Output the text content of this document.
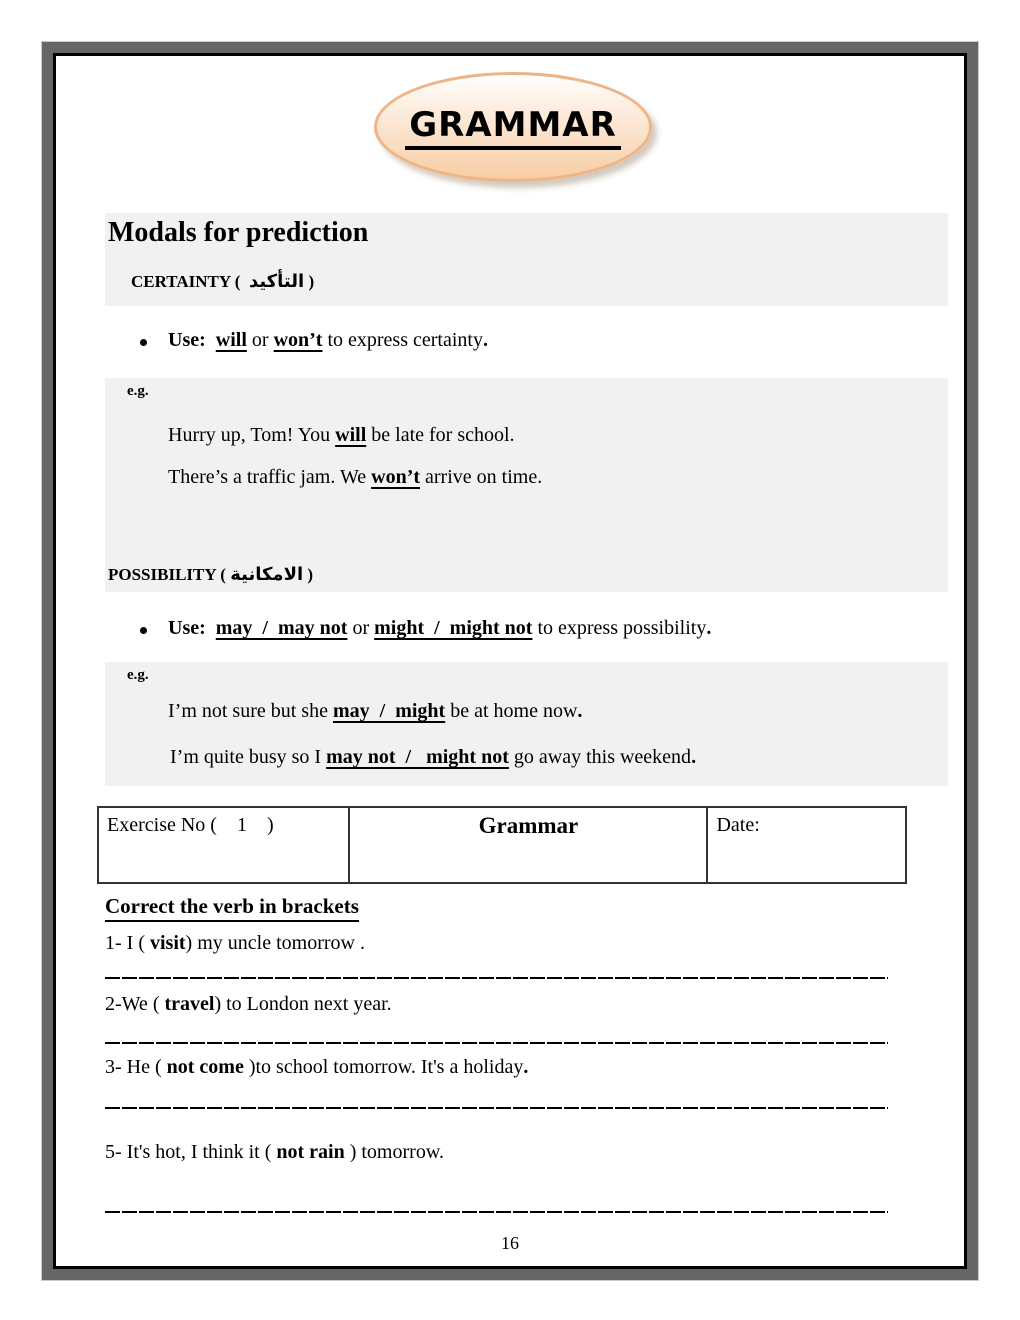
GRAMMAR
Modals for prediction
CERTAINTY (  التأكيد )
Use:  will or won’t to express certainty.
e.g.
Hurry up, Tom! You will be late for school.
There’s a traffic jam. We won’t arrive on time.
POSSIBILITY ( الامكانية )
Use:  may  /  may not or might  /  might not to express possibility.
e.g.
I’m not sure but she may  /  might be at home now.
I’m quite busy so I may not  /   might not go away this weekend.
Exercise No (    1    )	Grammar	Date:
Correct the verb in brackets
1- I ( visit) my uncle tomorrow .
2-We ( travel) to London next year.
3- He ( not come )to school tomorrow. It's a holiday.
5- It's hot, I think it ( not rain ) tomorrow.
16
